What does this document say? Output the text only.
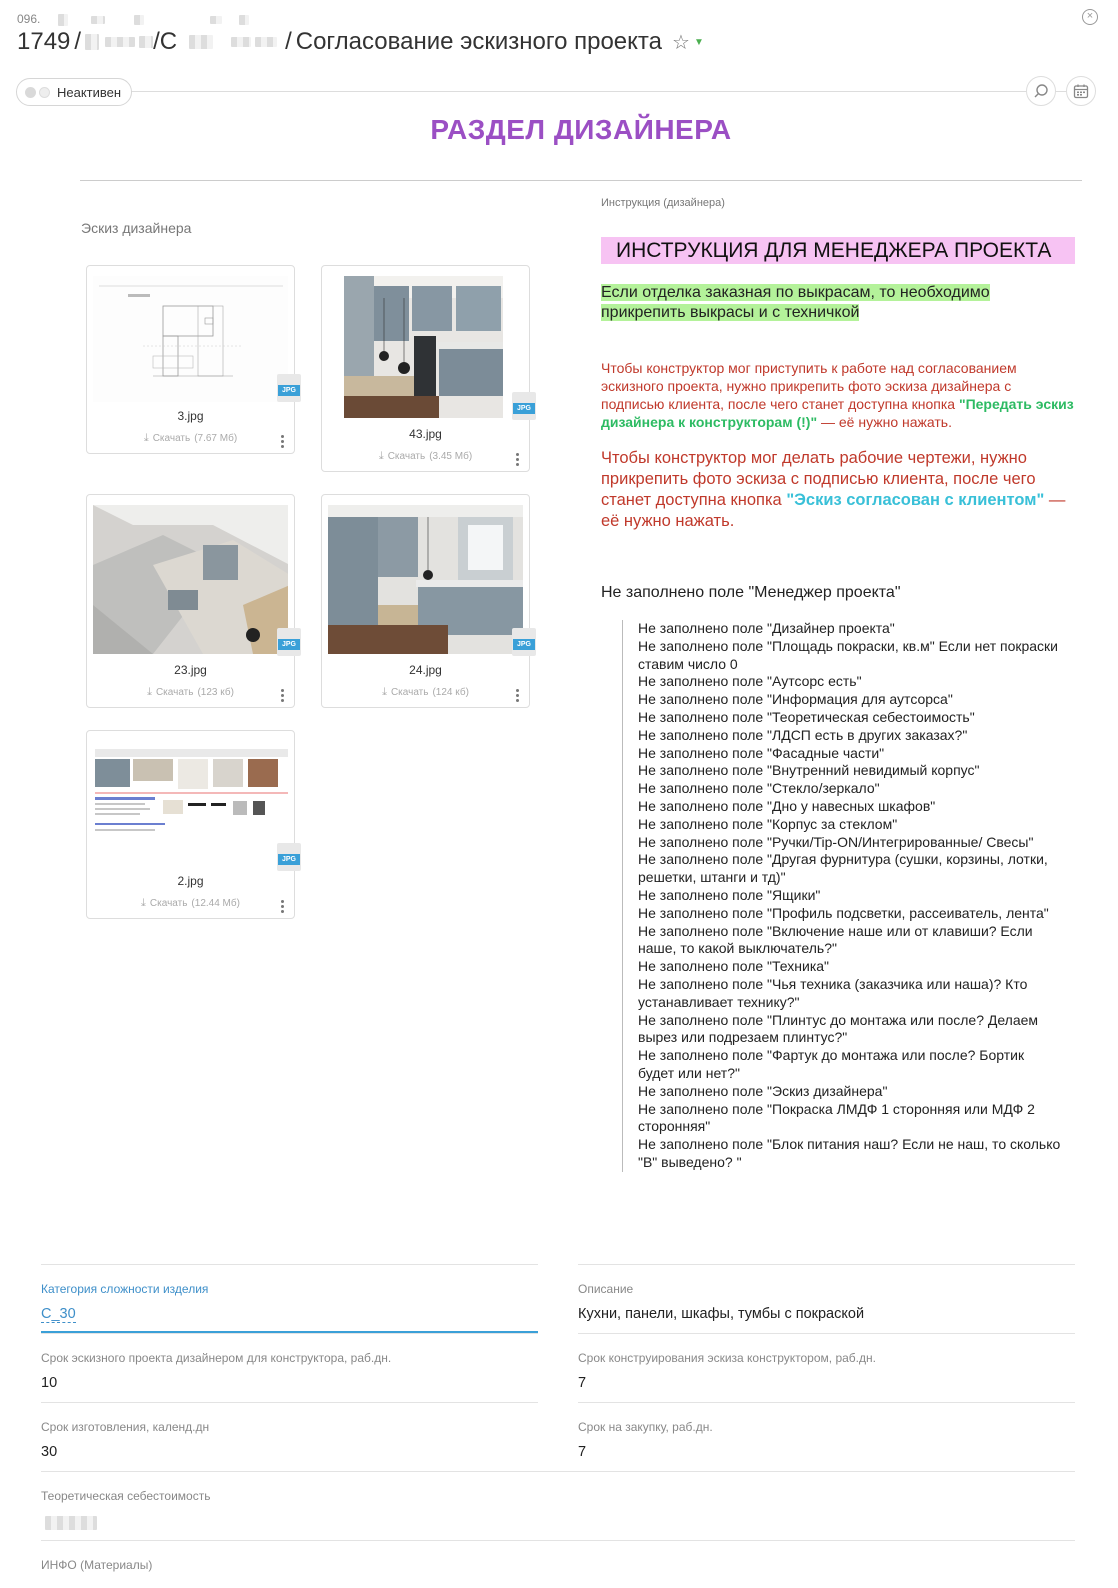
096.
1749 /	/С	/ Согласование эскизного проекта ☆ ▼
×
Неактивен
РАЗДЕЛ ДИЗАЙНЕРА
Эскиз дизайнера
JPG
3.jpg
⤓ Скачать (7.67 Мб)
JPG
43.jpg
⤓ Скачать (3.45 Мб)
JPG
23.jpg
⤓ Скачать (123 кб)
JPG
24.jpg
⤓ Скачать (124 кб)
JPG
2.jpg
⤓ Скачать (12.44 Мб)
Инструкция (дизайнера)
ИНСТРУКЦИЯ ДЛЯ МЕНЕДЖЕРА ПРОЕКТА
Если отделка заказная по выкрасам, то необходимо прикрепить выкрасы и с техничкой
Чтобы конструктор мог приступить к работе над согласованием эскизного проекта, нужно прикрепить фото эскиза дизайнера с подписью клиента, после чего станет доступна кнопка "Передать эскиз дизайнера к конструкторам (!)" — её нужно нажать.
Чтобы конструктор мог делать рабочие чертежи, нужно прикрепить фото эскиза с подписью клиента, после чего станет доступна кнопка "Эскиз согласован с клиентом" — её нужно нажать.
Не заполнено поле "Менеджер проекта"
Не заполнено поле "Дизайнер проекта"
Не заполнено поле "Площадь покраски, кв.м" Если нет покраски ставим число 0
Не заполнено поле "Аутсорс есть"
Не заполнено поле "Информация для аутсорса"
Не заполнено поле "Теоретическая себестоимость"
Не заполнено поле "ЛДСП есть в других заказах?"
Не заполнено поле "Фасадные части"
Не заполнено поле "Внутренний невидимый корпус"
Не заполнено поле "Стекло/зеркало"
Не заполнено поле "Дно у навесных шкафов"
Не заполнено поле "Корпус за стеклом"
Не заполнено поле "Ручки/Tip-ON/Интегрированные/ Свесы"
Не заполнено поле "Другая фурнитура (сушки, корзины, лотки, решетки, штанги и тд)"
Не заполнено поле "Ящики"
Не заполнено поле "Профиль подсветки, рассеиватель, лента"
Не заполнено поле "Включение наше или от клавиши? Если наше, то какой выключатель?"
Не заполнено поле "Техника"
Не заполнено поле "Чья техника (заказчика или наша)? Кто устанавливает технику?"
Не заполнено поле "Плинтус до монтажа или после? Делаем вырез или подрезаем плинтус?"
Не заполнено поле "Фартук до монтажа или после? Бортик будет или нет?"
Не заполнено поле "Эскиз дизайнера"
Не заполнено поле "Покраска ЛМДФ 1 сторонняя или МДФ 2 сторонняя"
Не заполнено поле "Блок питания наш? Если не наш, то сколько "В" выведено? "
Категория сложности изделия
С_30
Описание
Кухни, панели, шкафы, тумбы с покраской
Срок эскизного проекта дизайнером для конструктора, раб.дн.
10
Срок конструирования эскиза конструктором, раб.дн.
7
Срок изготовления, календ.дн
30
Срок на закупку, раб.дн.
7
Теоретическая себестоимость
ИНФО (Материалы)
